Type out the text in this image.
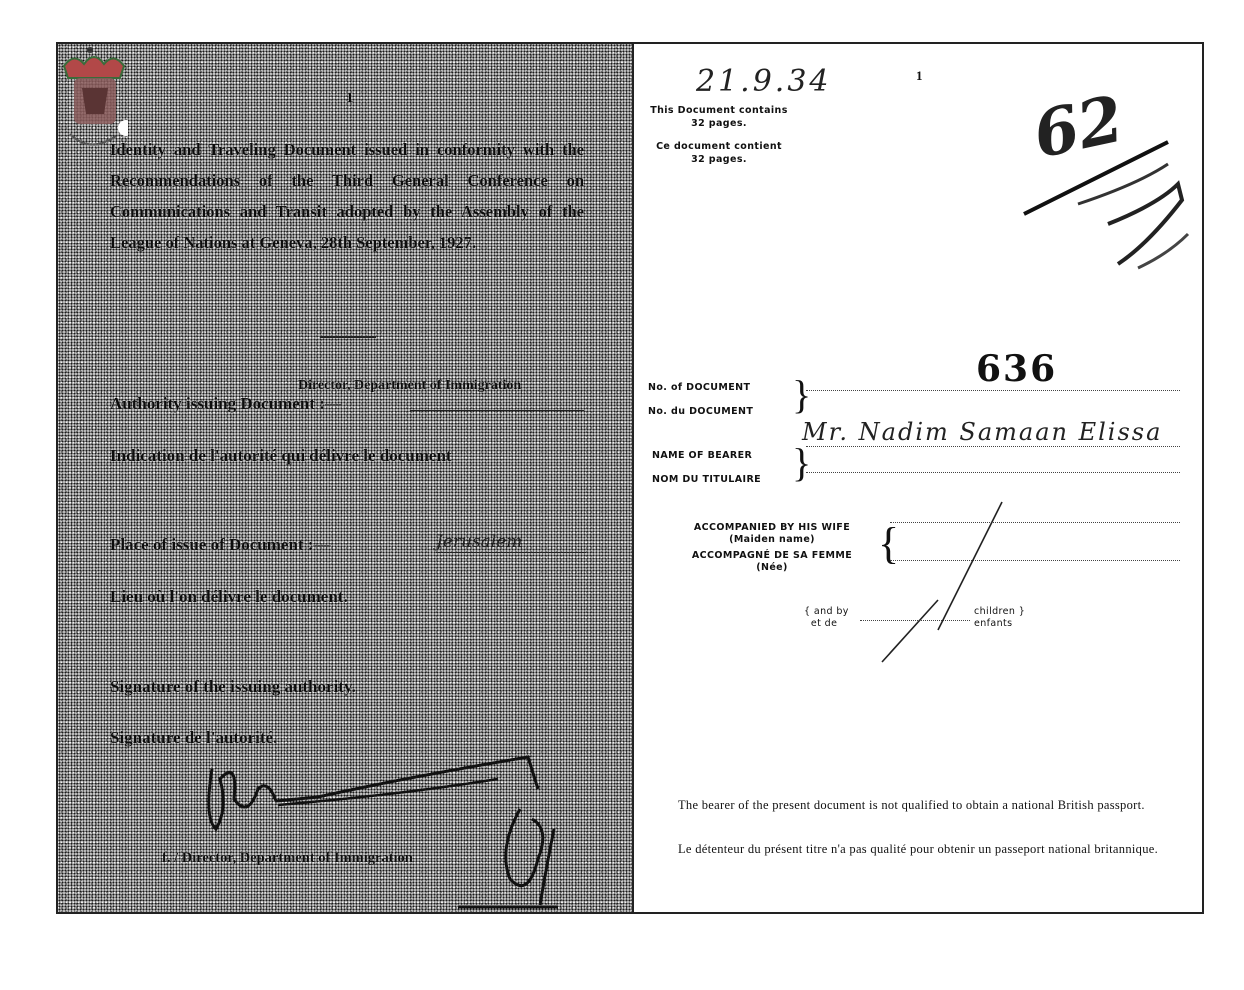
1
Identity and Traveling Document issued in conformity with the Recommendations of the Third General Conference on Communications and Transit adopted by the Assembly of the League of Nations at Geneva, 28th September, 1927.
Director, Department of Immigration
Authority issuing Document :—
Indication de l'autorité qui délivre le document
Place of issue of Document :—	Jerusalem
Lieu où l'on délivre le document.
Signature of the issuing authority.
Signature de l'autorité.
f. / Director, Department of Immigration
21.9.34
This Document contains
32 pages.
Ce document contient
32 pages.
1
62
No. of DOCUMENT
No. du DOCUMENT }
636
NAME OF BEARER
NOM DU TITULAIRE }
Mr. Nadim Samaan Elissa
ACCOMPANIED BY HIS WIFE
(Maiden name)
ACCOMPAGNÉ DE SA FEMME
(Née)	{
{ and by
et de
children }
enfants
The bearer of the present document is not qualified to obtain a national British passport.
Le détenteur du présent titre n'a pas qualité pour obtenir un passeport national britannique.
